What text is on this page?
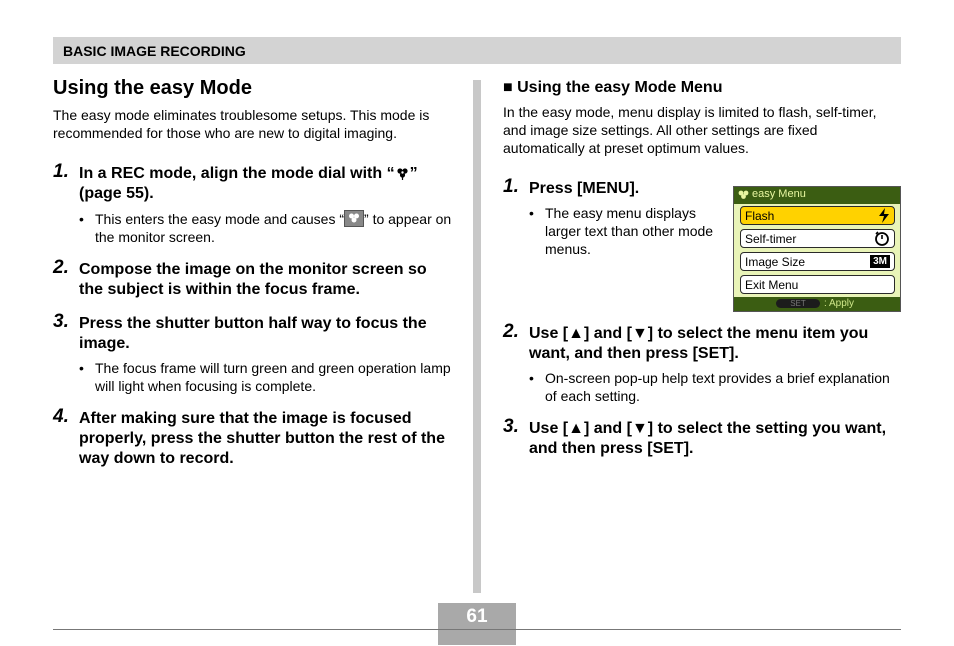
BASIC IMAGE RECORDING
Using the easy Mode

The easy mode eliminates troublesome setups. This mode is recommended for those who are new to digital imaging.

1. In a REC mode, align the mode dial with “ ” (page 55).
• This enters the easy mode and causes “ ” to appear on the monitor screen.
2. Compose the image on the monitor screen so the subject is within the focus frame.
3. Press the shutter button half way to focus the image.
• The focus frame will turn green and green operation lamp will light when focusing is complete.
4. After making sure that the image is focused properly, press the shutter button the rest of the way down to record.

■ Using the easy Mode Menu

In the easy mode, menu display is limited to flash, self-timer, and image size settings. All other settings are fixed automatically at preset optimum values.

1. Press [MENU].
• The easy menu displays larger text than other mode menus.
2. Use [▲] and [▼] to select the menu item you want, and then press [SET].
• On-screen pop-up help text provides a brief explanation of each setting.
3. Use [▲] and [▼] to select the setting you want, and then press [SET].
easy Menu
Flash
Self-timer
Image Size	3M
Exit Menu
SET	: Apply
61
